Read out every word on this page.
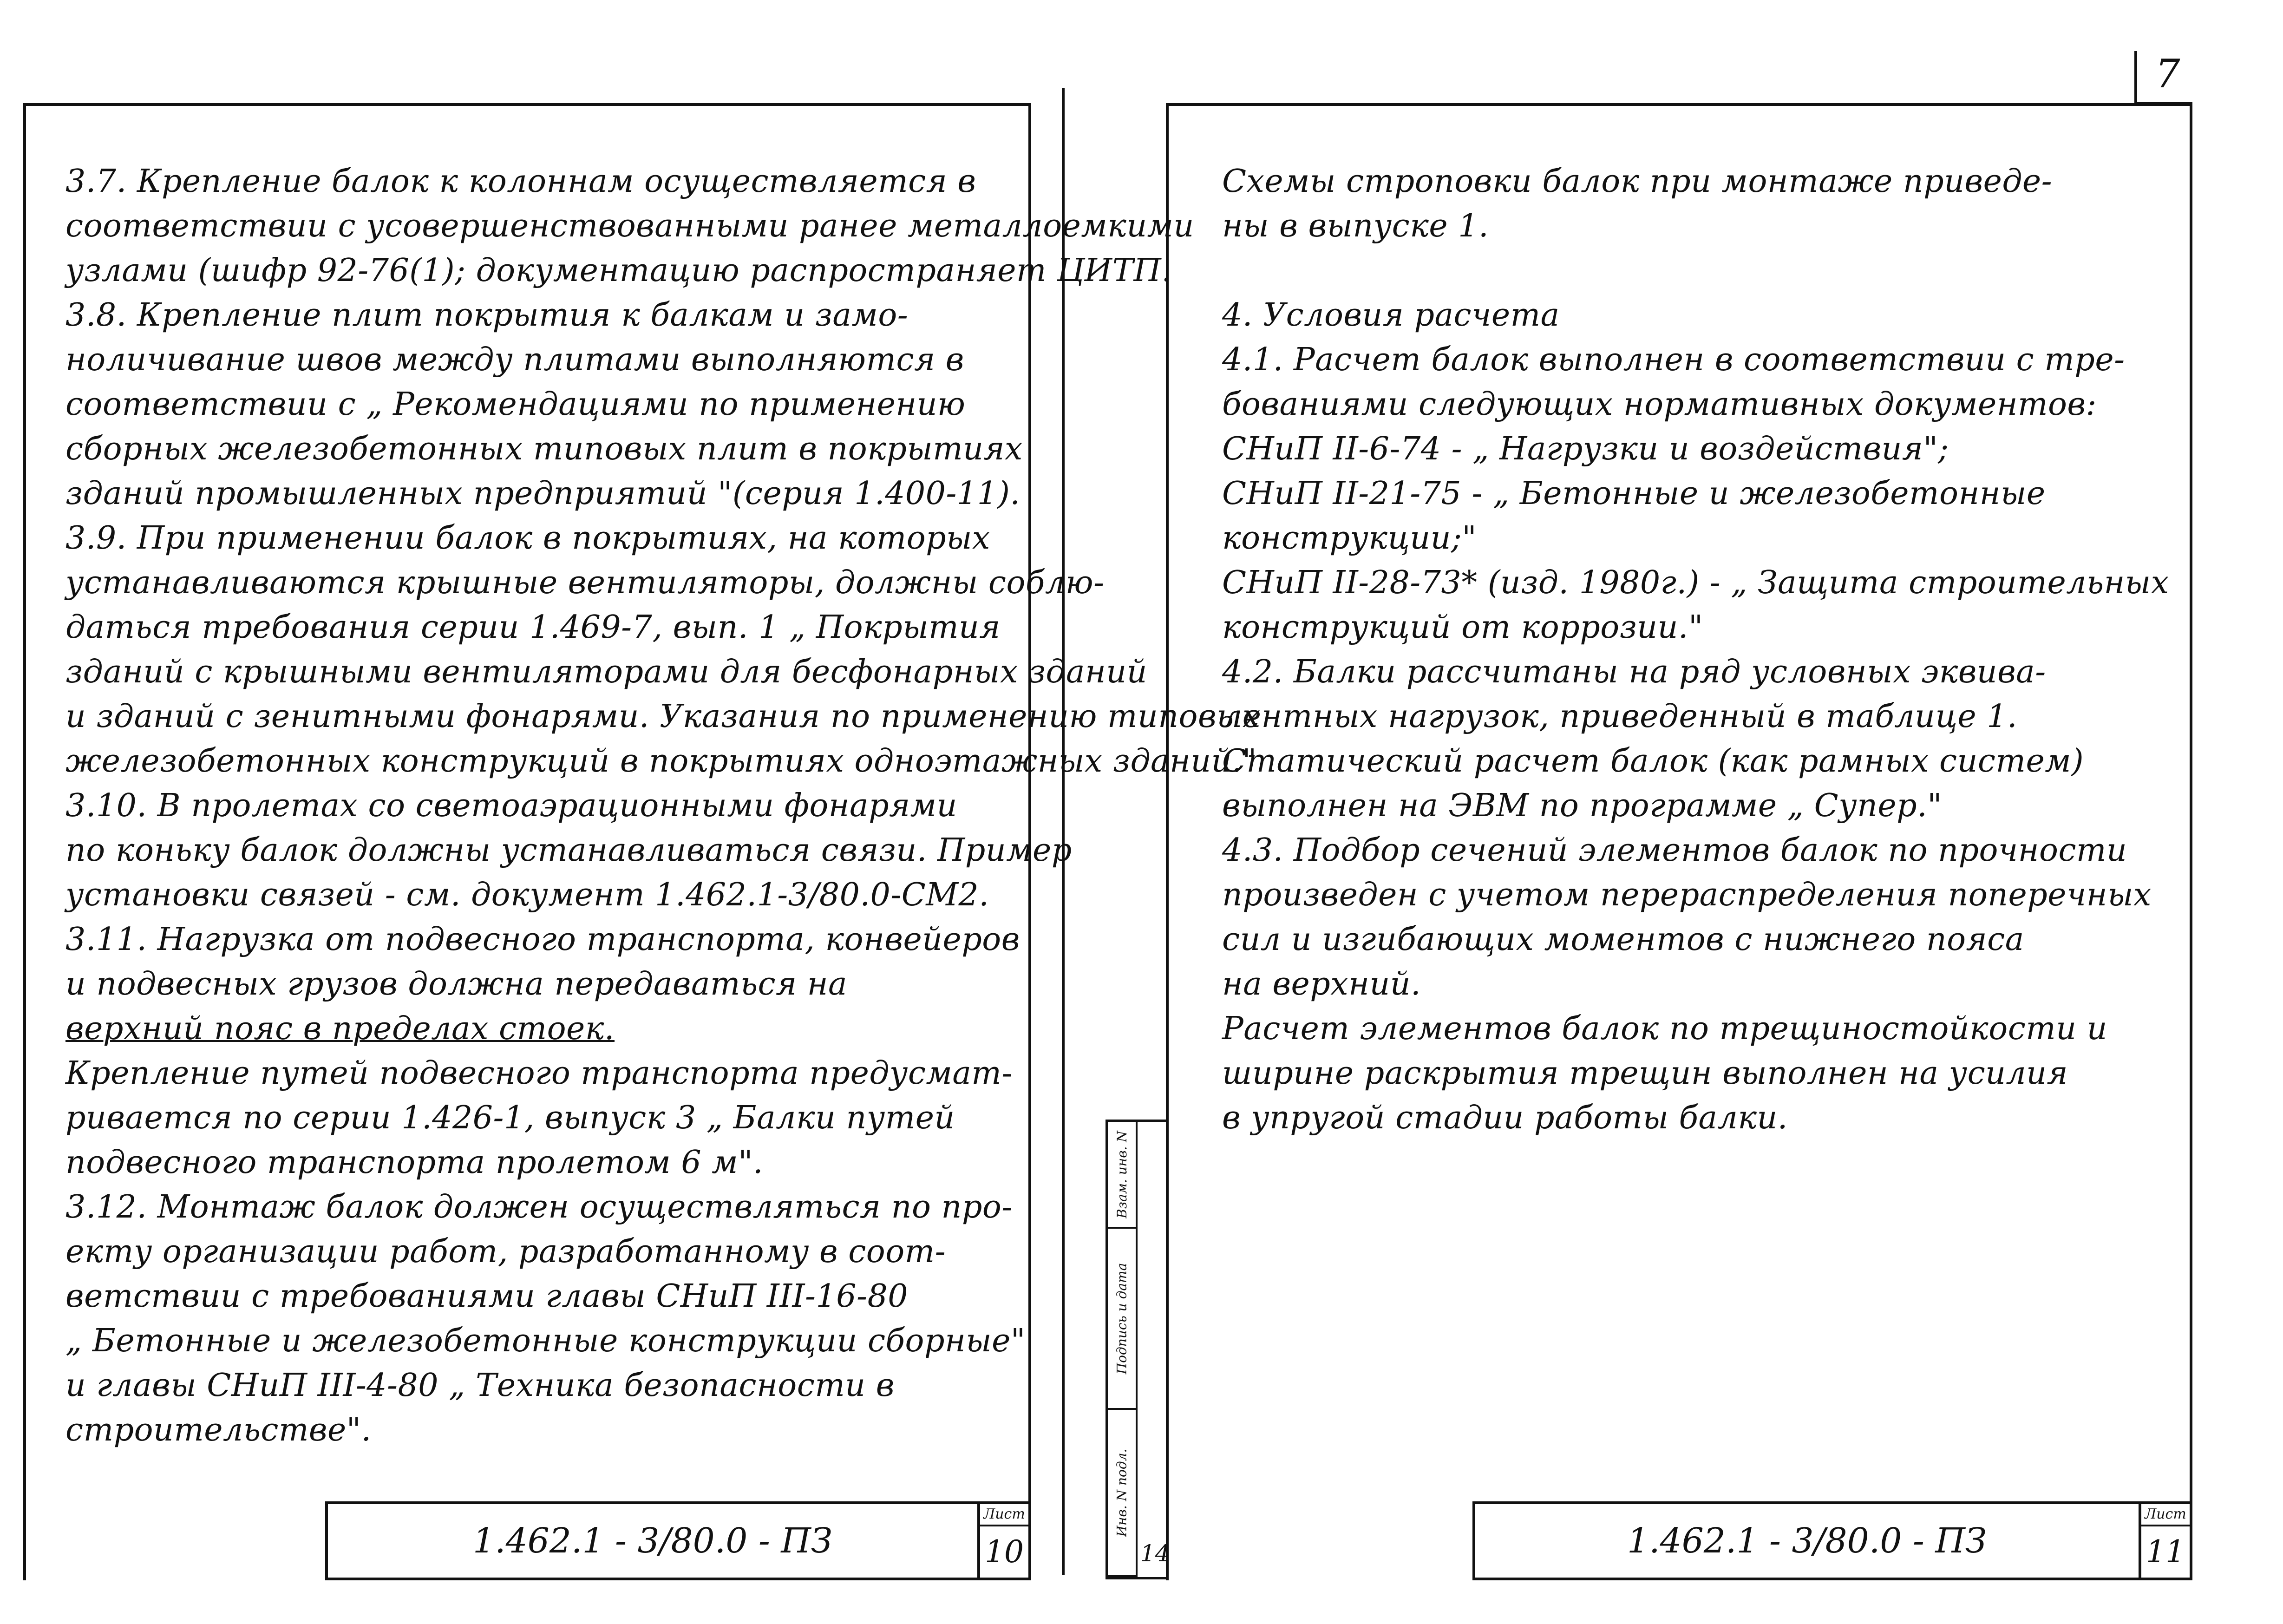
7
3.7. Крепление балок к колоннам осуществляется в
соответствии с усовершенствованными ранее металлоемкими
узлами (шифр 92-76(1); документацию распространяет ЦИТП.
3.8. Крепление плит покрытия к балкам и замо-
ноличивание швов между плитами выполняются в
соответствии с „ Рекомендациями по применению
сборных железобетонных типовых плит в покрытиях
зданий промышленных предприятий "(серия 1.400-11).
3.9. При применении балок в покрытиях, на которых
устанавливаются крышные вентиляторы, должны соблю-
даться требования серии 1.469-7, вып. 1 „ Покрытия
зданий с крышными вентиляторами для бесфонарных зданий
и зданий с зенитными фонарями. Указания по применению типовых
железобетонных конструкций в покрытиях одноэтажных зданий."
3.10. В пролетах со светоаэрационными фонарями
по коньку балок должны устанавливаться связи. Пример
установки связей - см. документ 1.462.1-3/80.0-СМ2.
3.11. Нагрузка от подвесного транспорта, конвейеров
и подвесных грузов должна передаваться на
верхний пояс в пределах стоек.
Крепление путей подвесного транспорта предусмат-
ривается по серии 1.426-1, выпуск 3 „ Балки путей
подвесного транспорта пролетом 6 м".
3.12. Монтаж балок должен осуществляться по про-
екту организации работ, разработанному в соот-
ветствии с требованиями главы СНиП III-16-80
„ Бетонные и железобетонные конструкции сборные"
и главы СНиП III-4-80 „ Техника безопасности в
строительстве".
Схемы строповки балок при монтаже приведе-
ны в выпуске 1.

4. Условия расчета
4.1. Расчет балок выполнен в соответствии с тре-
бованиями следующих нормативных документов:
СНиП II-6-74 - „ Нагрузки и воздействия";
СНиП II-21-75 - „ Бетонные и железобетонные
конструкции;"
СНиП II-28-73* (изд. 1980г.) - „ Защита строительных
конструкций от коррозии."
4.2. Балки рассчитаны на ряд условных эквива-
лентных нагрузок, приведенный в таблице 1.
Статический расчет балок (как рамных систем)
выполнен на ЭВМ по программе „ Супер."
4.3. Подбор сечений элементов балок по прочности
произведен с учетом перераспределения поперечных
сил и изгибающих моментов с нижнего пояса
на верхний.
Расчет элементов балок по трещиностойкости и
ширине раскрытия трещин выполнен на усилия
в упругой стадии работы балки.
1.462.1 - 3/80.0 - ПЗ
Лист
10	1.462.1 - 3/80.0 - ПЗ
Лист
11
Взам. инв. N
Подпись и дата
Инв. N подл.
14
